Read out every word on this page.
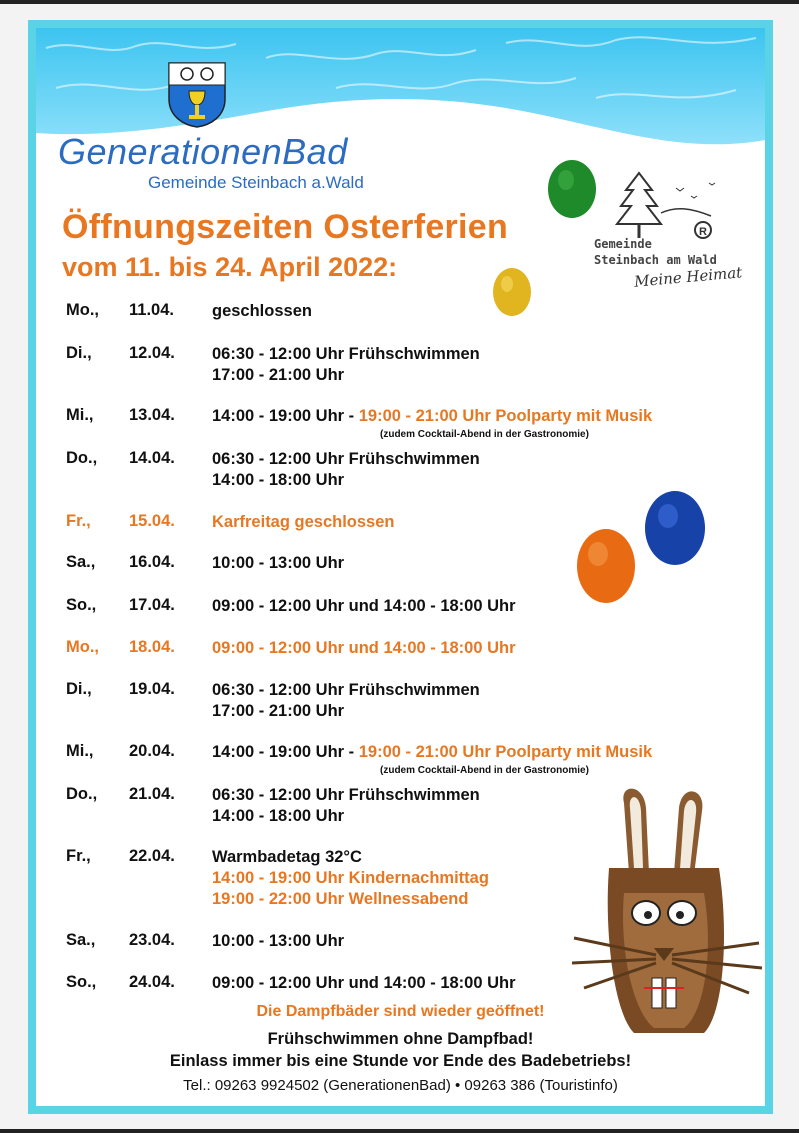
GenerationenBad
Gemeinde Steinbach a.Wald
R
Gemeinde
Steinbach am Wald
Meine Heimat
Öffnungszeiten Osterferien
vom 11. bis 24. April 2022:
Mo., 11.04. geschlossen
Di., 12.04. 06:30 - 12:00 Uhr Frühschwimmen
17:00 - 21:00 Uhr
Mi., 13.04. 14:00 - 19:00 Uhr - 19:00 - 21:00 Uhr Poolparty mit Musik
(zudem Cocktail-Abend in der Gastronomie)
Do., 14.04. 06:30 - 12:00 Uhr Frühschwimmen
14:00 - 18:00 Uhr
Fr., 15.04. Karfreitag geschlossen
Sa., 16.04. 10:00 - 13:00 Uhr
So., 17.04. 09:00 - 12:00 Uhr und 14:00 - 18:00 Uhr
Mo., 18.04. 09:00 - 12:00 Uhr und 14:00 - 18:00 Uhr
Di., 19.04. 06:30 - 12:00 Uhr Frühschwimmen
17:00 - 21:00 Uhr
Mi., 20.04. 14:00 - 19:00 Uhr - 19:00 - 21:00 Uhr Poolparty mit Musik
(zudem Cocktail-Abend in der Gastronomie)
Do., 21.04. 06:30 - 12:00 Uhr Frühschwimmen
14:00 - 18:00 Uhr
Fr., 22.04. Warmbadetag 32°C
14:00 - 19:00 Uhr Kindernachmittag
19:00 - 22:00 Uhr Wellnessabend
Sa., 23.04. 10:00 - 13:00 Uhr
So., 24.04. 09:00 - 12:00 Uhr und 14:00 - 18:00 Uhr
Die Dampfbäder sind wieder geöffnet!
Frühschwimmen ohne Dampfbad!
Einlass immer bis eine Stunde vor Ende des Badebetriebs!
Tel.: 09263 9924502 (GenerationenBad) • 09263 386 (Touristinfo)
